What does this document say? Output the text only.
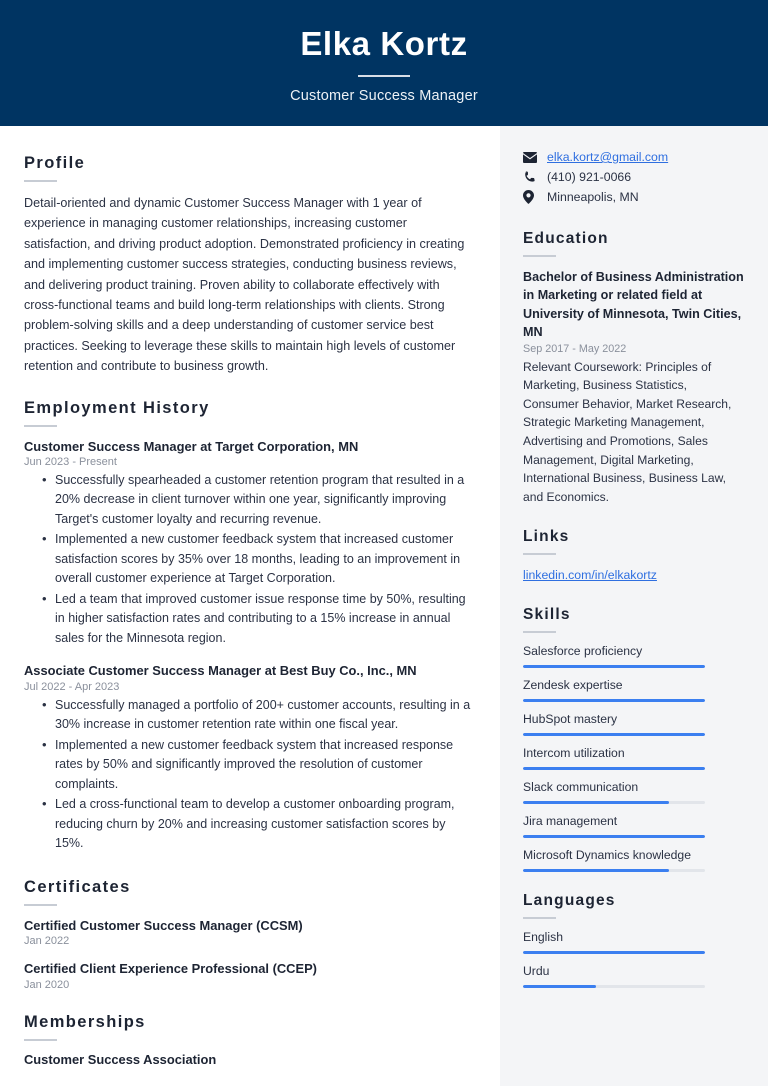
Elka Kortz
Customer Success Manager
Profile

Detail-oriented and dynamic Customer Success Manager with 1 year of experience in managing customer relationships, increasing customer satisfaction, and driving product adoption. Demonstrated proficiency in creating and implementing customer success strategies, conducting business reviews, and delivering product training. Proven ability to collaborate effectively with cross-functional teams and build long-term relationships with clients. Strong problem-solving skills and a deep understanding of customer service best practices. Seeking to leverage these skills to maintain high levels of customer retention and contribute to business growth.

Employment History
Customer Success Manager at Target Corporation, MN
Jun 2023 - Present
• Successfully spearheaded a customer retention program that resulted in a 20% decrease in client turnover within one year, significantly improving Target's customer loyalty and recurring revenue.
• Implemented a new customer feedback system that increased customer satisfaction scores by 35% over 18 months, leading to an improvement in overall customer experience at Target Corporation.
• Led a team that improved customer issue response time by 50%, resulting in higher satisfaction rates and contributing to a 15% increase in annual sales for the Minnesota region.
Associate Customer Success Manager at Best Buy Co., Inc., MN
Jul 2022 - Apr 2023
• Successfully managed a portfolio of 200+ customer accounts, resulting in a 30% increase in customer retention rate within one fiscal year.
• Implemented a new customer feedback system that increased response rates by 50% and significantly improved the resolution of customer complaints.
• Led a cross-functional team to develop a customer onboarding program, reducing churn by 20% and increasing customer satisfaction scores by 15%.
Certificates
Certified Customer Success Manager (CCSM)
Jan 2022
Certified Client Experience Professional (CCEP)
Jan 2020
Memberships
Customer Success Association
elka.kortz@gmail.com
(410) 921-0066
Minneapolis, MN
Education
Bachelor of Business Administration in Marketing or related field at University of Minnesota, Twin Cities, MN
Sep 2017 - May 2022

Relevant Coursework: Principles of Marketing, Business Statistics, Consumer Behavior, Market Research, Strategic Marketing Management, Advertising and Promotions, Sales Management, Digital Marketing, International Business, Business Law, and Economics.

Links
linkedin.com/in/elkakortz
Skills
Salesforce proficiency
Zendesk expertise
HubSpot mastery
Intercom utilization
Slack communication
Jira management
Microsoft Dynamics knowledge
Languages
English
Urdu
